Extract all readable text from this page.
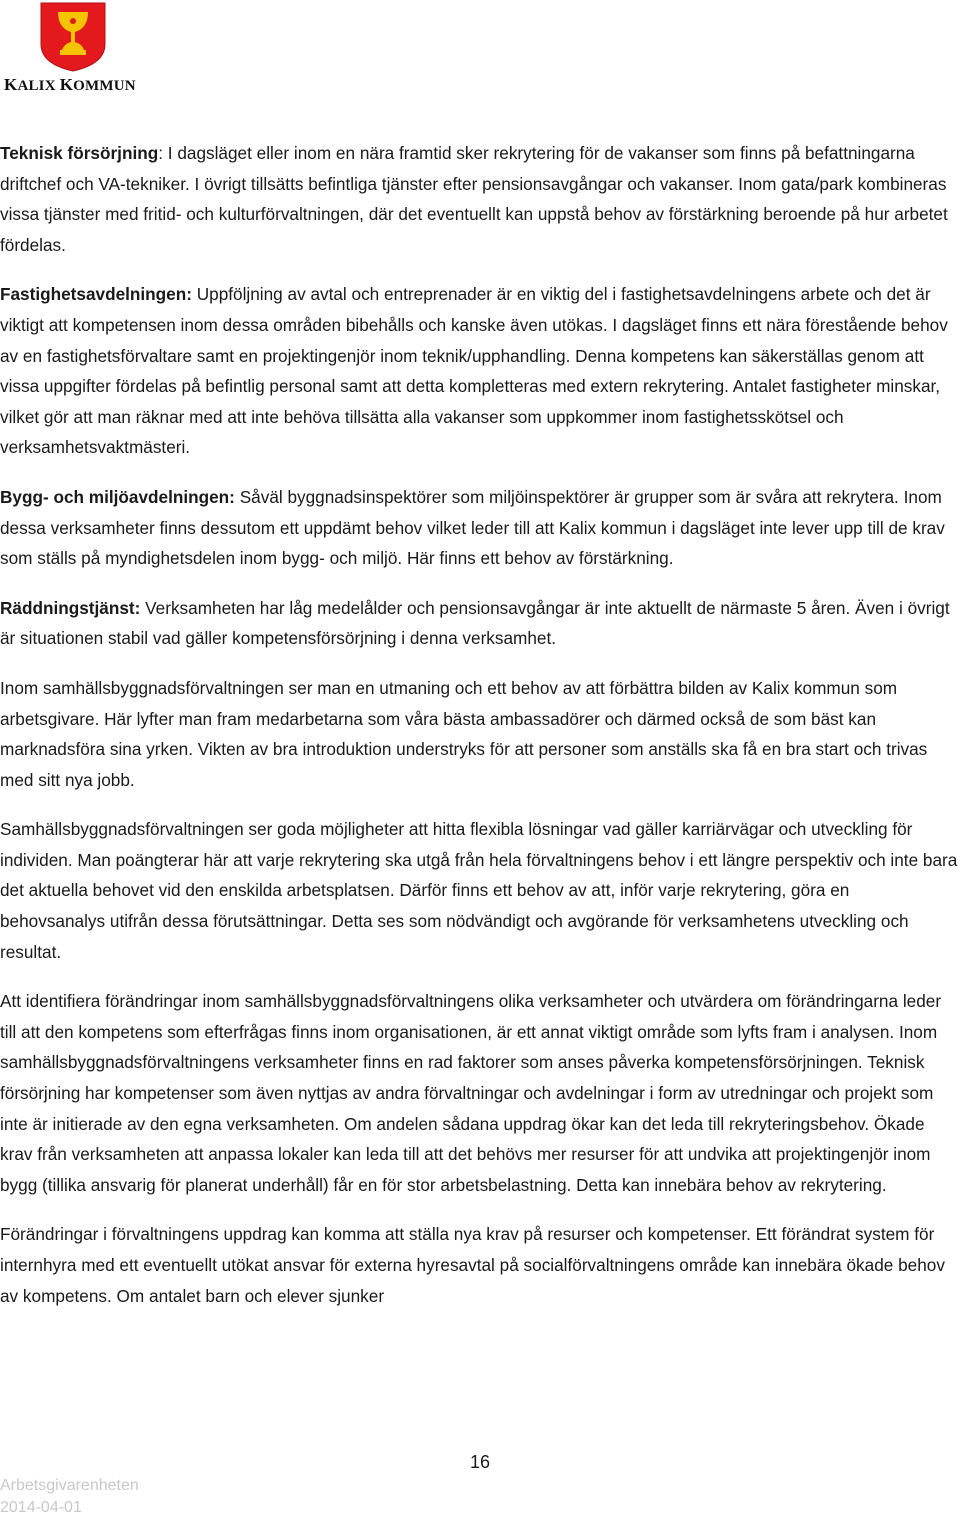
KALIX KOMMUN

Teknisk försörjning: I dagsläget eller inom en nära framtid sker rekrytering för de vakanser som finns på befattningarna driftchef och VA-tekniker. I övrigt tillsätts befintliga tjänster efter pensionsavgångar och vakanser. Inom gata/park kombineras vissa tjänster med fritid- och kulturförvaltningen, där det eventuellt kan uppstå behov av förstärkning beroende på hur arbetet fördelas.

Fastighetsavdelningen: Uppföljning av avtal och entreprenader är en viktig del i fastighetsavdelningens arbete och det är viktigt att kompetensen inom dessa områden bibehålls och kanske även utökas. I dagsläget finns ett nära förestående behov av en fastighetsförvaltare samt en projektingenjör inom teknik/upphandling. Denna kompetens kan säkerställas genom att vissa uppgifter fördelas på befintlig personal samt att detta kompletteras med extern rekrytering. Antalet fastigheter minskar, vilket gör att man räknar med att inte behöva tillsätta alla vakanser som uppkommer inom fastighetsskötsel och verksamhetsvaktmästeri.

Bygg- och miljöavdelningen: Såväl byggnadsinspektörer som miljöinspektörer är grupper som är svåra att rekrytera. Inom dessa verksamheter finns dessutom ett uppdämt behov vilket leder till att Kalix kommun i dagsläget inte lever upp till de krav som ställs på myndighetsdelen inom bygg- och miljö. Här finns ett behov av förstärkning.

Räddningstjänst: Verksamheten har låg medelålder och pensionsavgångar är inte aktuellt de närmaste 5 åren. Även i övrigt är situationen stabil vad gäller kompetensförsörjning i denna verksamhet.

Inom samhällsbyggnadsförvaltningen ser man en utmaning och ett behov av att förbättra bilden av Kalix kommun som arbetsgivare. Här lyfter man fram medarbetarna som våra bästa ambassadörer och därmed också de som bäst kan marknadsföra sina yrken. Vikten av bra introduktion understryks för att personer som anställs ska få en bra start och trivas med sitt nya jobb.

Samhällsbyggnadsförvaltningen ser goda möjligheter att hitta flexibla lösningar vad gäller karriärvägar och utveckling för individen. Man poängterar här att varje rekrytering ska utgå från hela förvaltningens behov i ett längre perspektiv och inte bara det aktuella behovet vid den enskilda arbetsplatsen. Därför finns ett behov av att, inför varje rekrytering, göra en behovsanalys utifrån dessa förutsättningar. Detta ses som nödvändigt och avgörande för verksamhetens utveckling och resultat.

Att identifiera förändringar inom samhällsbyggnadsförvaltningens olika verksamheter och utvärdera om förändringarna leder till att den kompetens som efterfrågas finns inom organisationen, är ett annat viktigt område som lyfts fram i analysen. Inom samhällsbyggnadsförvaltningens verksamheter finns en rad faktorer som anses påverka kompetensförsörjningen. Teknisk försörjning har kompetenser som även nyttjas av andra förvaltningar och avdelningar i form av utredningar och projekt som inte är initierade av den egna verksamheten. Om andelen sådana uppdrag ökar kan det leda till rekryteringsbehov. Ökade krav från verksamheten att anpassa lokaler kan leda till att det behövs mer resurser för att undvika att projektingenjör inom bygg (tillika ansvarig för planerat underhåll) får en för stor arbetsbelastning. Detta kan innebära behov av rekrytering.

Förändringar i förvaltningens uppdrag kan komma att ställa nya krav på resurser och kompetenser. Ett förändrat system för internhyra med ett eventuellt utökat ansvar för externa hyresavtal på socialförvaltningens område kan innebära ökade behov av kompetens. Om antalet barn och elever sjunker

16
Arbetsgivarenheten
2014-04-01
